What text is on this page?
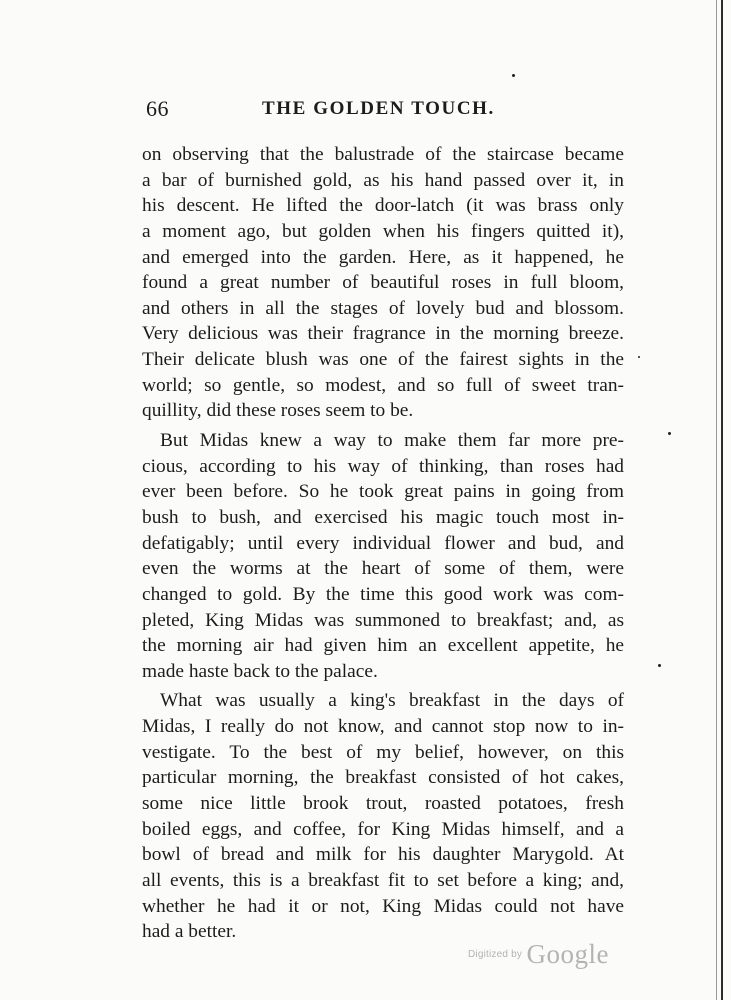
66	THE GOLDEN TOUCH.
on observing that the balustrade of the staircase became
a bar of burnished gold, as his hand passed over it, in
his descent. He lifted the door-latch (it was brass only
a moment ago, but golden when his fingers quitted it),
and emerged into the garden. Here, as it happened, he
found a great number of beautiful roses in full bloom,
and others in all the stages of lovely bud and blossom.
Very delicious was their fragrance in the morning breeze.
Their delicate blush was one of the fairest sights in the
world; so gentle, so modest, and so full of sweet tran-
quillity, did these roses seem to be.
But Midas knew a way to make them far more pre-
cious, according to his way of thinking, than roses had
ever been before. So he took great pains in going from
bush to bush, and exercised his magic touch most in-
defatigably; until every individual flower and bud, and
even the worms at the heart of some of them, were
changed to gold. By the time this good work was com-
pleted, King Midas was summoned to breakfast; and, as
the morning air had given him an excellent appetite, he
made haste back to the palace.
What was usually a king's breakfast in the days of
Midas, I really do not know, and cannot stop now to in-
vestigate. To the best of my belief, however, on this
particular morning, the breakfast consisted of hot cakes,
some nice little brook trout, roasted potatoes, fresh
boiled eggs, and coffee, for King Midas himself, and a
bowl of bread and milk for his daughter Marygold. At
all events, this is a breakfast fit to set before a king; and,
whether he had it or not, King Midas could not have
had a better.
Digitized by Google
